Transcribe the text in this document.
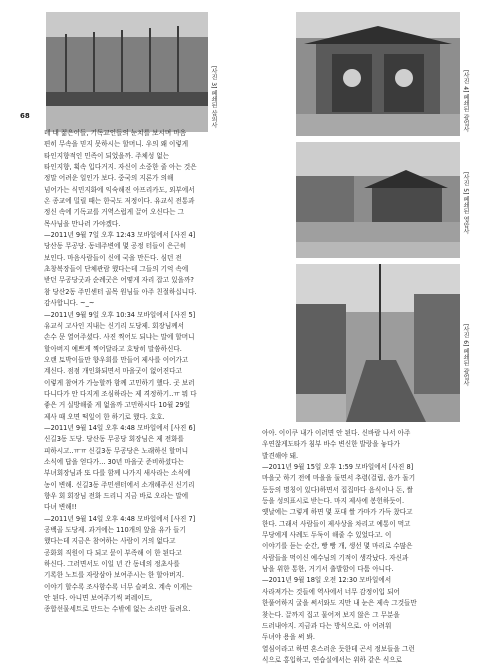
68	[사진 3] 폐쇄된 삼의사	[사진 4] 폐쇄된 광업사
[사진 5] 폐쇄된 영암사
[사진 6] 폐쇄된 광업사

데 내 젊은이들, 기독교인들의 눈치를 보시며 마음

편히 무속을 믿지 못하시는 할머니. 우의 왜 이렇게

타인지향적인 민족이 되었을까. 주체성 없는

타인지향, 획속 입다거지. 자신이 소중한 줄 아는 것은

정말 어려운 일인가 보다. 중국의 지론가 의해

넘어가는 식민지화에 익숙해진 아프리카도, 외부에서

온 종교에 밀릴 때는 한국도 저정이다. 유교식 전통과

정신 속에 기독교를 거역스럽게 끌어 오신다는 그

목사님을 만나러 가야겠다.

—2011년 9월 7일 오후 12:43 모바일에서 [사진 4]

당산동 무공당. 동네주변에 몇 공정 터들이 은근히

보인다. 마음사람들이 신에 국을 만든다. 심던 전

초창복장들이 단체관람 했다는데 그들의 기억 속에

받던 무공당굿과 순례굿은 어떻게 자리 잡고 있을까?

참 당산2동 주민센터 골목 원님들 아주 친절하십니다.

감사합니다. ~_~

—2011년 9월 9일 오후 10:34 모바일에서 [사진 5]

유교식 고사인 지내는 신기리 도당제. 회장님께서

손수 문 열어주셨다. 사진 찍어도 되냐는 말에 할머니

할아버지 예쁘게 찍어달라고 호탕히 말씀하신다.

오랜 토박이들만 향우회를 만들어 제사를 이어가고

계신다. 점점 개인화되면서 마을굿이 없어진다고

이렇게 참여가 가능할까 함께 고민하기 했다. 곳 보러

다니다가 안 다지게 조심하라는 제 격정하기..ㅠ 뭐 다

좋은 거 실방해줄 게 없을까 고민하시다 10월 29일

제사 때 오면 떡잎이 한 하기로 했다. 호호.

—2011년 9월 14일 오후 4:48 모바일에서 [사진 6]

신길3동 도당. 당산동 무공당 회장님은 제 전화를

피하시고..ㅠㅠ 신길3동 무공당은 노래하신 할머니

소식에 답을 얻다가... 30년 마을굿 준비하셨다는

부녀회장님과 또 다를 함께 나가지 새사라는 소식에

농이 변해. 신길3동 주민센터에서 소개해주신 신기리

향우 회 회장님 전화 드리니 지금 바로 오라는 말에

다녀 변해!!

—2011년 9월 14일 오후 4:48 모바일에서 [사진 7]

공백골 도당제. 과거에는 110개의 앞을 유가 들기

했다는데 지금은 참여하는 사람이 거의 없다고

공화회 직원이 다 되고 묻이 부족해 이 한 된다고

하신다. 그러면서도 이일 년 간 동네의 정초사를

기록한 노트를 자랑삼아 보여주시는 한 할아버지.

이야기 할수록 조사함수록 너무 슬퍼요. 계속 이게는

안 된다. 아니면 보여주기씩 퍼레이드,

종합선물세트로 만드는 수밖에 없는 소리만 들려요.

아아. 이이쿠 내가 이러면 안 된다. 신바람 나서 아주

우연찮게도타가 침부 바수 변신한 발랑을 놓다가

발견해야 돼.

—2011년 9월 15일 오후 1:59 모바일에서 [사진 8]

마을굿 하기 전에 마을을 둘면서 추렴(걸립, 음가 돌기

등등의 명칭이 있다)하면서 집집마다 음식이나 돈, 쌀

등을 성의표시로 받는다. 마지 제사에 봉헌하듯이.

옛날에는 그렇게 하면 몇 포대 쌀 가마가 가득 찼다고

한다. 그래서 사람들이 제사상을 차리고 예통이 먹고

무당에게 사례도 두둑이 해줄 수 있었다고. 이

이야기를 듣는 순간, 빵 빵 개, 생선 몇 마리로 수많은

사람들을 먹이신 예수님의 기적이 생각났다. 자신과

남을 위한 통한, 거기서 출발함이 다툼 아니다.

—2011년 9월 18일 오전 12:30 모바일에서

사라져가는 것들에 역사에서 너무 감정이입 되어

한풀어하지 굴을 써서와도 지만 내 눈은 제속 그것들만

찾는다. 끌까지 집고 물어져 보지 않은 그 무분을

드러내야지. 지금과 다는 방식으로. 아 어려워

두녀야 용을 써 봐.

열심이라고 하면 혼스러운 듯한데 곤서 정보들을 그런

식으로 홍입하고, 연습실에서는 위하 같은 식으로
